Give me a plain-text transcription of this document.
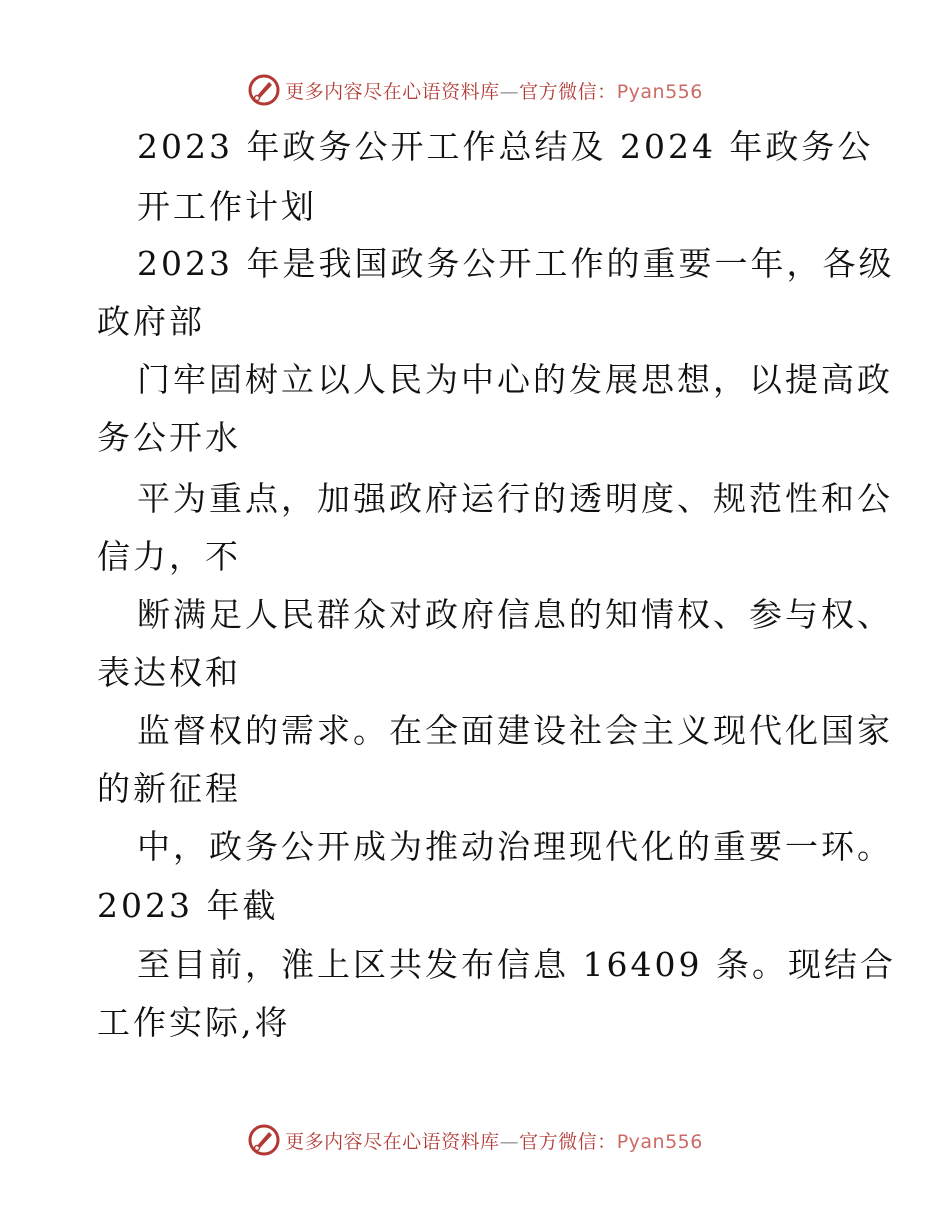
更多内容尽在心语资料库—官方微信：Pyan556
2023 年政务公开工作总结及 2024 年政务公
开工作计划
2023 年是我国政务公开工作的重要一年，各级
政府部
门牢固树立以人民为中心的发展思想，以提高政
务公开水
平为重点，加强政府运行的透明度、规范性和公
信力，不
断满足人民群众对政府信息的知情权、参与权、
表达权和
监督权的需求。在全面建设社会主义现代化国家
的新征程
中，政务公开成为推动治理现代化的重要一环。
2023 年截
至目前，淮上区共发布信息 16409 条。现结合
工作实际,将
更多内容尽在心语资料库—官方微信：Pyan556
